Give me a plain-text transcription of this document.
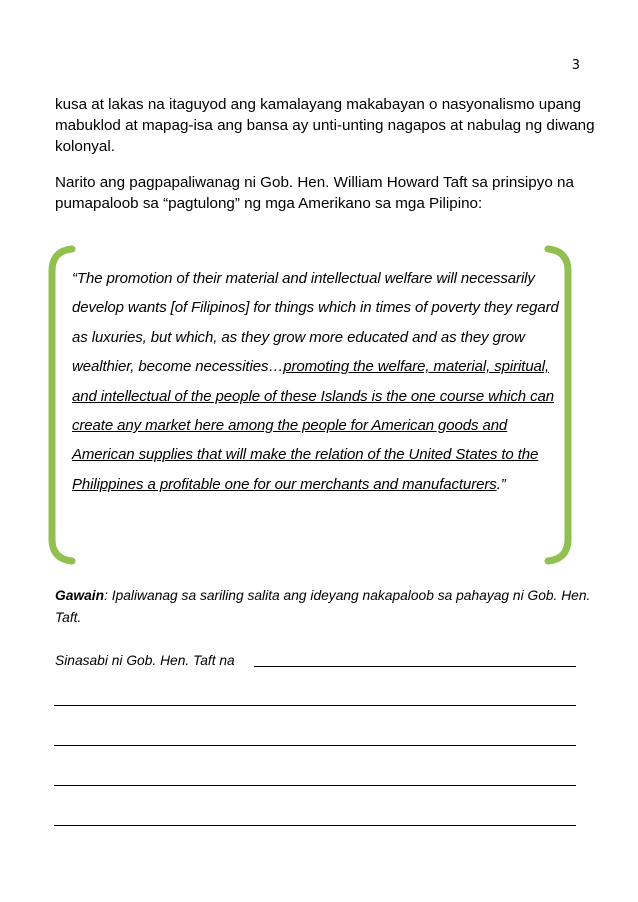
3

kusa at lakas na itaguyod ang kamalayang makabayan o nasyonalismo upang mabuklod at mapag-isa ang bansa ay unti-unting nagapos at nabulag ng diwang kolonyal.

Narito ang pagpapaliwanag ni Gob. Hen. William Howard Taft sa prinsipyo na pumapaloob sa “pagtulong” ng mga Amerikano sa mga Pilipino:

“The promotion of their material and intellectual welfare will necessarily develop wants [of Filipinos] for things which in times of poverty they regard as luxuries, but which, as they grow more educated and as they grow wealthier, become necessities…promoting the welfare, material, spiritual, and intellectual of the people of these Islands is the one course which can create any market here among the people for American goods and American supplies that will make the relation of the United States to the Philippines a profitable one for our merchants and manufacturers.”

Gawain: Ipaliwanag sa sariling salita ang ideyang nakapaloob sa pahayag ni Gob. Hen. Taft.

Sinasabi ni Gob. Hen. Taft na
